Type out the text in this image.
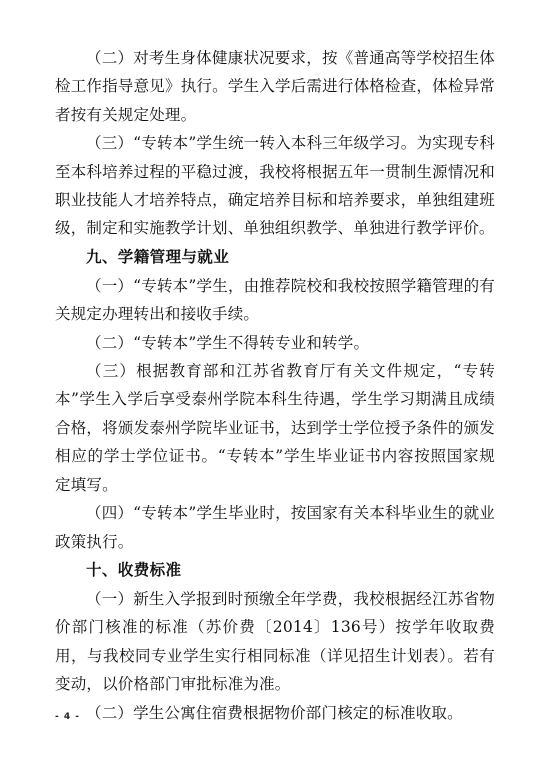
（二）对考生身体健康状况要求，按《普通高等学校招生体检工作指导意见》执行。学生入学后需进行体格检查，体检异常者按有关规定处理。

（三）“专转本”学生统一转入本科三年级学习。为实现专科至本科培养过程的平稳过渡，我校将根据五年一贯制生源情况和职业技能人才培养特点，确定培养目标和培养要求，单独组建班级，制定和实施教学计划、单独组织教学、单独进行教学评价。

九、学籍管理与就业

（一）“专转本”学生，由推荐院校和我校按照学籍管理的有关规定办理转出和接收手续。

（二）“专转本”学生不得转专业和转学。

（三）根据教育部和江苏省教育厅有关文件规定，“专转本”学生入学后享受泰州学院本科生待遇，学生学习期满且成绩合格，将颁发泰州学院毕业证书，达到学士学位授予条件的颁发相应的学士学位证书。“专转本”学生毕业证书内容按照国家规定填写。

（四）“专转本”学生毕业时，按国家有关本科毕业生的就业政策执行。

十、收费标准

（一）新生入学报到时预缴全年学费，我校根据经江苏省物价部门核准的标准（苏价费〔2014〕136号）按学年收取费用，与我校同专业学生实行相同标准（详见招生计划表）。若有变动，以价格部门审批标准为准。

（二）学生公寓住宿费根据物价部门核定的标准收取。

- 4 -
